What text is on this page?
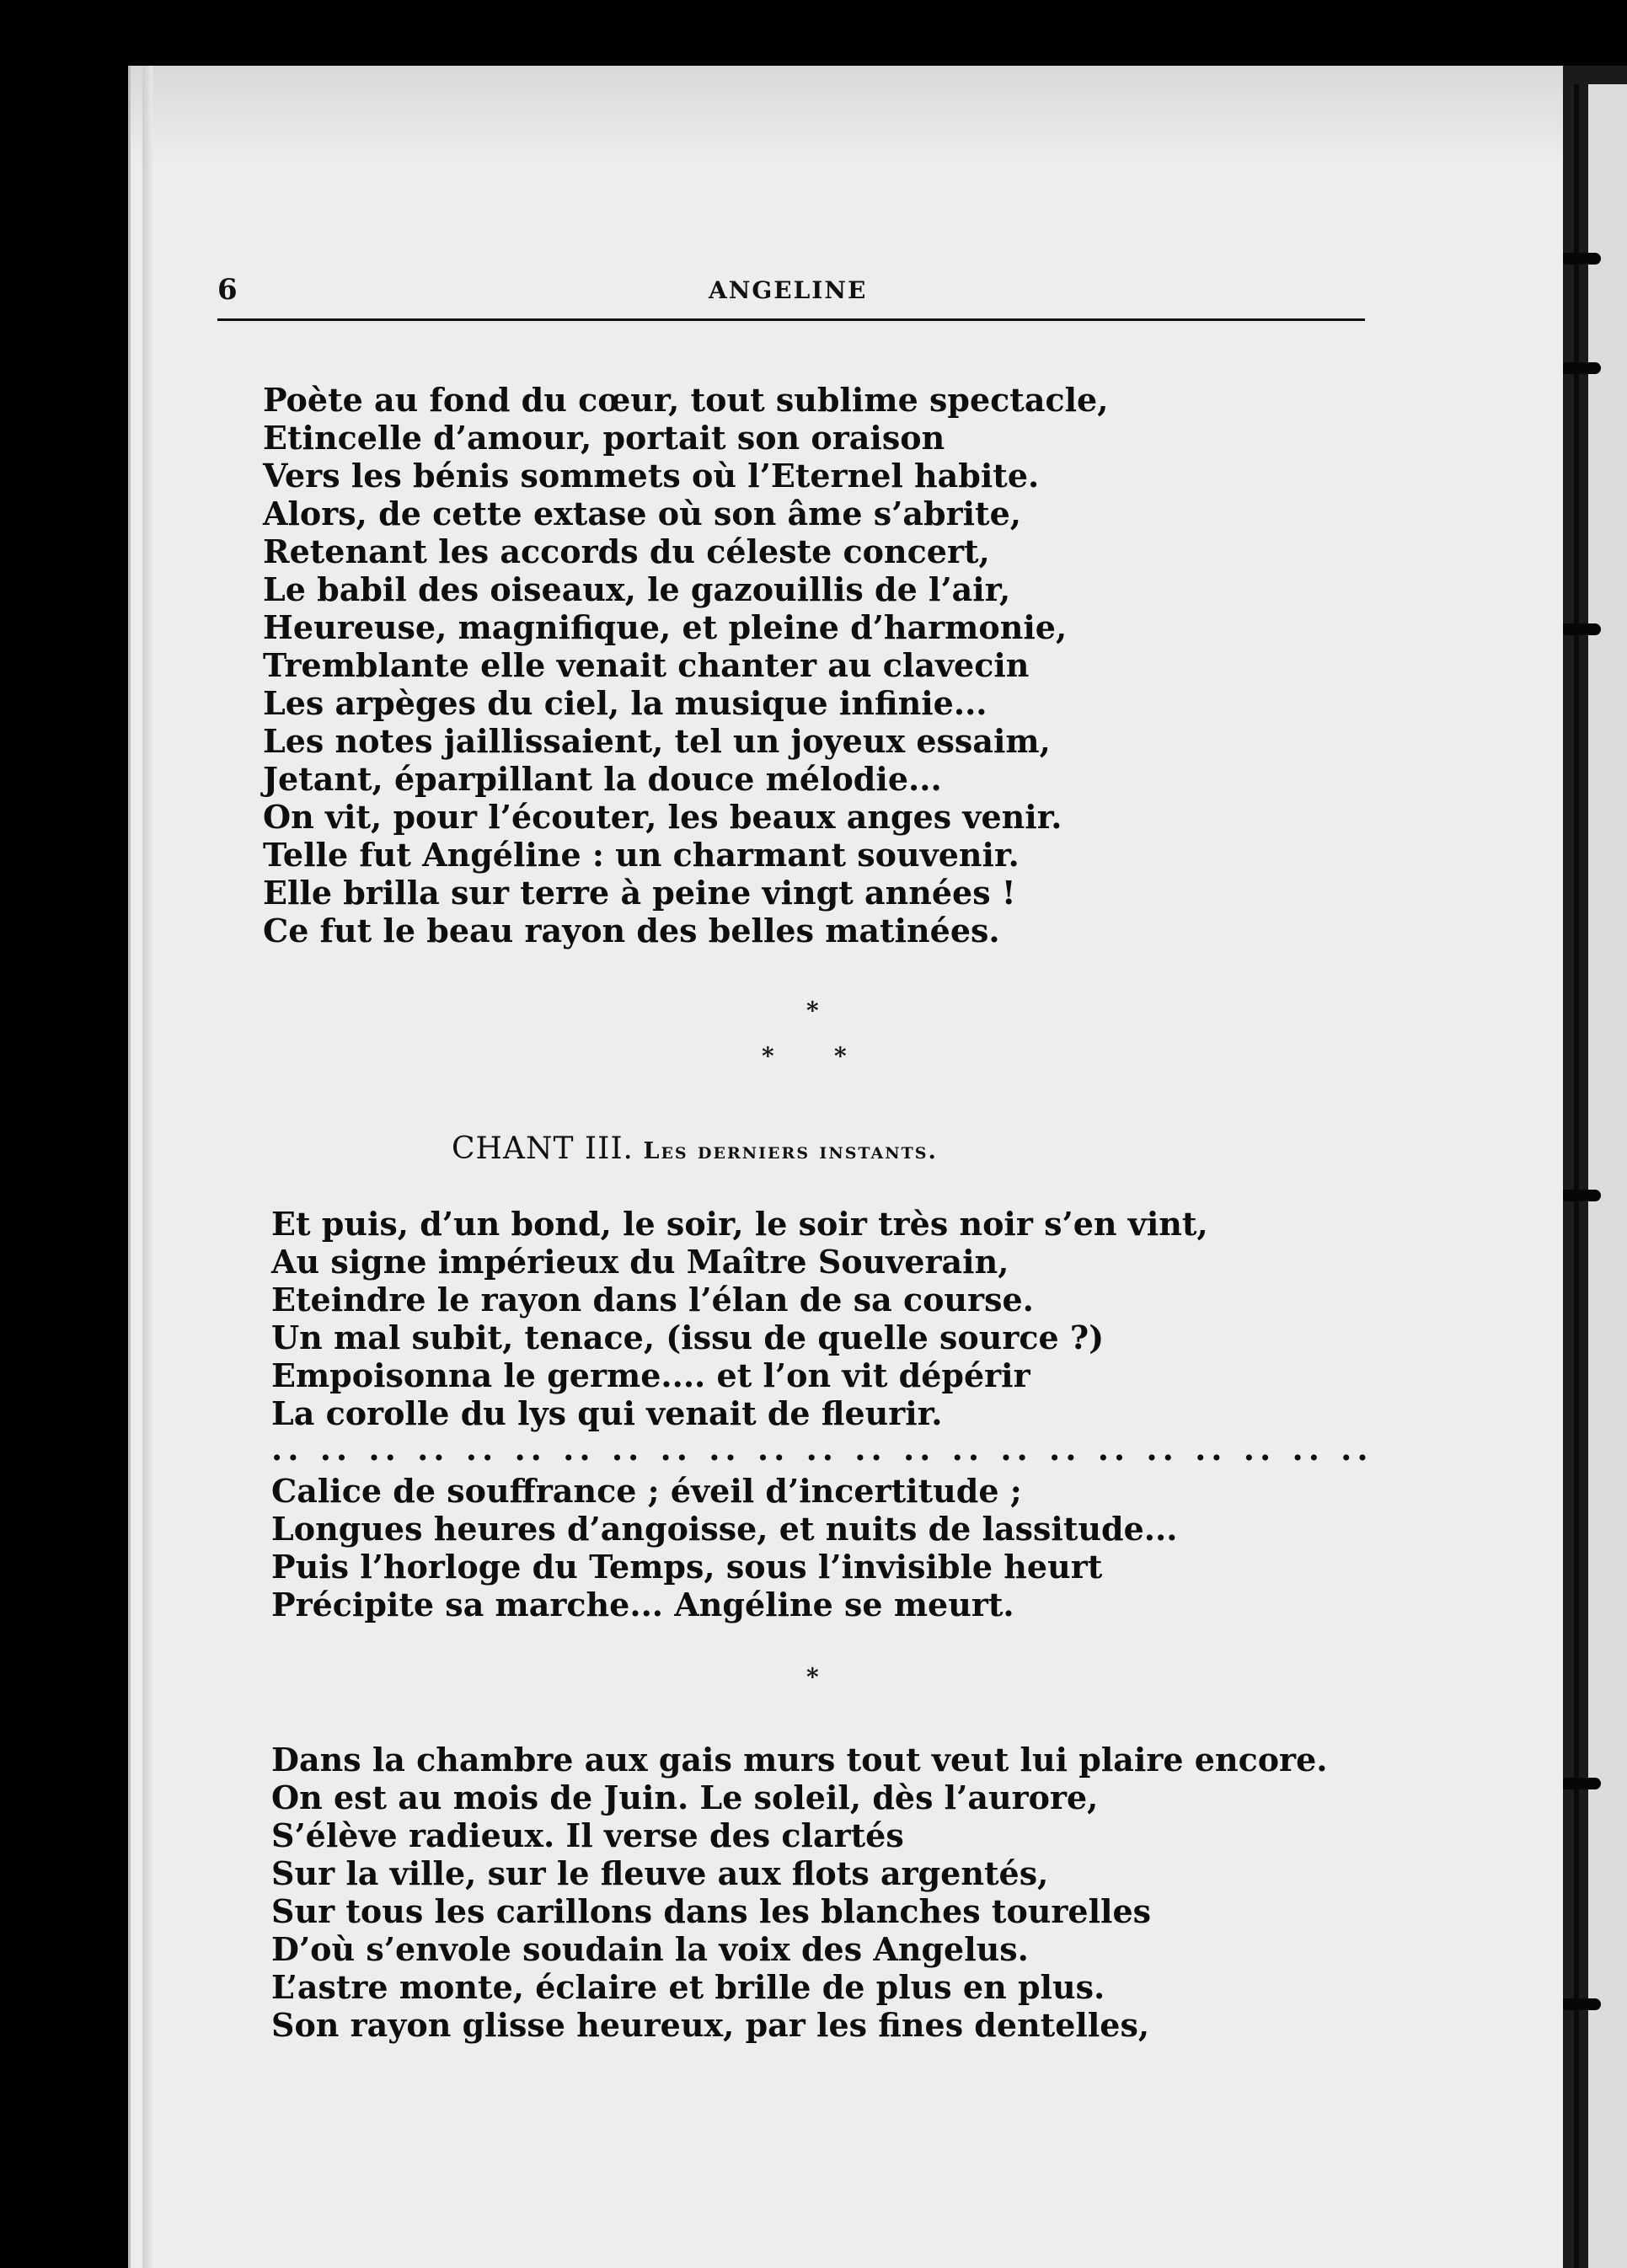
6	ANGELINE
Poète au fond du cœur, tout sublime spectacle,
Etincelle d’amour, portait son oraison
Vers les bénis sommets où l’Eternel habite.
Alors, de cette extase où son âme s’abrite,
Retenant les accords du céleste concert,
Le babil des oiseaux, le gazouillis de l’air,
Heureuse, magnifique, et pleine d’harmonie,
Tremblante elle venait chanter au clavecin
Les arpèges du ciel, la musique infinie...
Les notes jaillissaient, tel un joyeux essaim,
Jetant, éparpillant la douce mélodie...
On vit, pour l’écouter, les beaux anges venir.
Telle fut Angéline : un charmant souvenir.
Elle brilla sur terre à peine vingt années !
Ce fut le beau rayon des belles matinées.
*
*	*
CHANT III. Les derniers instants.
Et puis, d’un bond, le soir, le soir très noir s’en vint,
Au signe impérieux du Maître Souverain,
Eteindre le rayon dans l’élan de sa course.
Un mal subit, tenace, (issu de quelle source ?)
Empoisonna le germe.... et l’on vit dépérir
La corolle du lys qui venait de fleurir.
.. .. .. .. .. .. .. .. .. .. .. .. .. .. .. .. .. .. .. .. .. .. ..
Calice de souffrance ; éveil d’incertitude ;
Longues heures d’angoisse, et nuits de lassitude...
Puis l’horloge du Temps, sous l’invisible heurt
Précipite sa marche... Angéline se meurt.
*
Dans la chambre aux gais murs tout veut lui plaire encore.
On est au mois de Juin. Le soleil, dès l’aurore,
S’élève radieux. Il verse des clartés
Sur la ville, sur le fleuve aux flots argentés,
Sur tous les carillons dans les blanches tourelles
D’où s’envole soudain la voix des Angelus.
L’astre monte, éclaire et brille de plus en plus.
Son rayon glisse heureux, par les fines dentelles,
